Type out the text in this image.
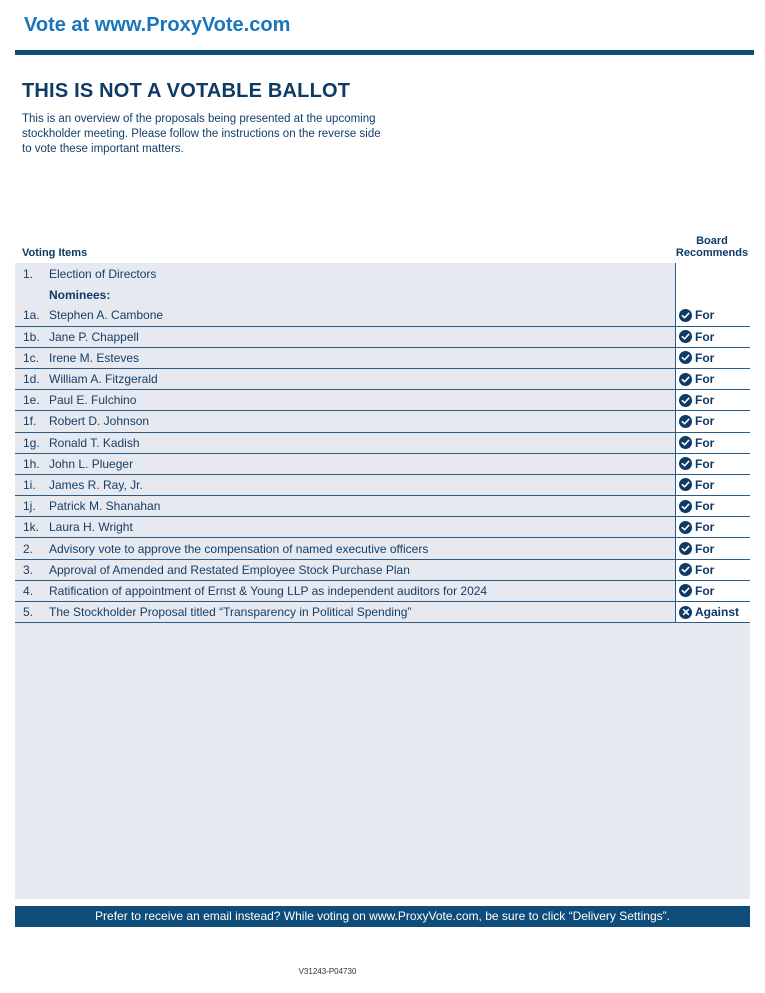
Vote at www.ProxyVote.com
THIS IS NOT A VOTABLE BALLOT
This is an overview of the proposals being presented at the upcoming stockholder meeting. Please follow the instructions on the reverse side to vote these important matters.
Voting Items
Board Recommends
1.	Election of Directors
Nominees:
1a. Stephen A. Cambone	For
1b. Jane P. Chappell	For
1c. Irene M. Esteves	For
1d. William A. Fitzgerald	For
1e. Paul E. Fulchino	For
1f.	Robert D. Johnson	For
1g. Ronald T. Kadish	For
1h. John L. Plueger	For
1i.	James R. Ray, Jr.	For
1j.	Patrick M. Shanahan	For
1k. Laura H. Wright	For
2.	Advisory vote to approve the compensation of named executive officers	For
3.	Approval of Amended and Restated Employee Stock Purchase Plan	For
4.	Ratification of appointment of Ernst & Young LLP as independent auditors for 2024	For
5.	The Stockholder Proposal titled “Transparency in Political Spending”	Against
Prefer to receive an email instead? While voting on www.ProxyVote.com, be sure to click “Delivery Settings”.
V31243-P04730
